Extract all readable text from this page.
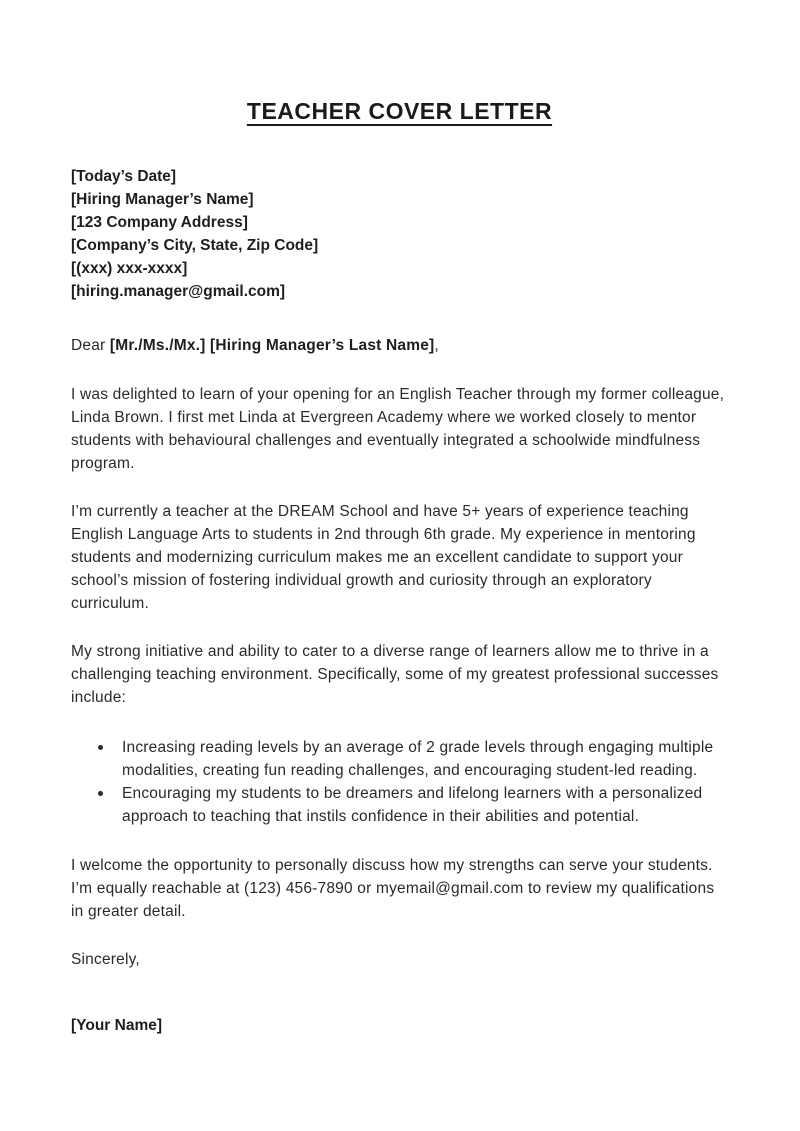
TEACHER COVER LETTER
[Today’s Date]
[Hiring Manager’s Name]
[123 Company Address]
[Company’s City, State, Zip Code]
[(xxx) xxx-xxxx]
[hiring.manager@gmail.com]

Dear [Mr./Ms./Mx.] [Hiring Manager’s Last Name],

I was delighted to learn of your opening for an English Teacher through my former colleague, Linda Brown. I first met Linda at Evergreen Academy where we worked closely to mentor students with behavioural challenges and eventually integrated a schoolwide mindfulness program.

I’m currently a teacher at the DREAM School and have 5+ years of experience teaching English Language Arts to students in 2nd through 6th grade. My experience in mentoring students and modernizing curriculum makes me an excellent candidate to support your school’s mission of fostering individual growth and curiosity through an exploratory curriculum.

My strong initiative and ability to cater to a diverse range of learners allow me to thrive in a challenging teaching environment. Specifically, some of my greatest professional successes include:

Increasing reading levels by an average of 2 grade levels through engaging multiple modalities, creating fun reading challenges, and encouraging student-led reading.
Encouraging my students to be dreamers and lifelong learners with a personalized approach to teaching that instils confidence in their abilities and potential.

I welcome the opportunity to personally discuss how my strengths can serve your students. I’m equally reachable at (123) 456-7890 or myemail@gmail.com to review my qualifications in greater detail.

Sincerely,

[Your Name]
